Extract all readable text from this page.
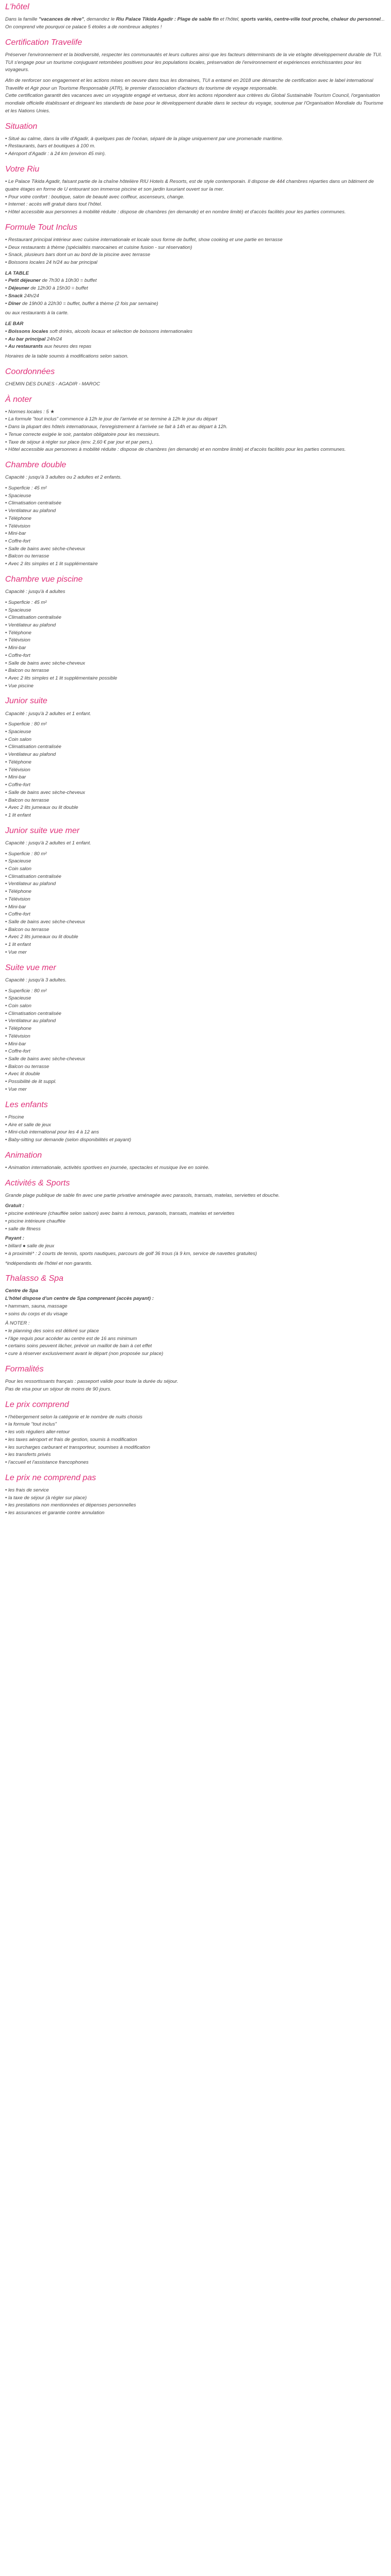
L'hôtel

Dans la famille "vacances de rêve", demandez le Riu Palace Tikida Agadir : Plage de sable fin et l'hôtel, sports variés, centre-ville tout proche, chaleur du personnel... On comprend vite pourquoi ce palace 5 étoiles a de nombreux adeptes !

Certification Travelife

Préserver l'environnement et la biodiversité, respecter les communautés et leurs cultures ainsi que les facteurs déterminants de la vie et/agite développement durable de TUI.
TUI s'engage pour un tourisme conjuguant retombées positives pour les populations locales, préservation de l'environnement et expériences enrichissantes pour les voyageurs.

Afin de renforcer son engagement et les actions mises en oeuvre dans tous les domaines, TUI a entamé en 2018 une démarche de certification avec le label international Travelife et Agir pour un Tourisme Responsable (ATR), le premier d'association d'acteurs du tourisme de voyage responsable.
Cette certification garantit des vacances avec un voyagiste engagé et vertueux, dont les actions répondent aux critères du Global Sustainable Tourism Council, l'organisation mondiale officielle établissant et dirigeant les standards de base pour le développement durable dans le secteur du voyage, soutenue par l'Organisation Mondiale du Tourisme et les Nations Unies.

Situation
• Situé au calme, dans la ville d'Agadir, à quelques pas de l'océan, séparé de la plage uniquement par une promenade maritime.
• Restaurants, bars et boutiques à 100 m.
• Aéroport d'Agadir : à 24 km (environ 45 min).
Votre Riu
• Le Palace Tikida Agadir, faisant partie de la chaîne hôtelière RIU Hotels & Resorts, est de style contemporain. Il dispose de 444 chambres réparties dans un bâtiment de quatre étages en forme de U entourant son immense piscine et son jardin luxuriant ouvert sur la mer.
• Pour votre confort : boutique, salon de beauté avec coiffeur, ascenseurs, change.
• Internet : accès wifi gratuit dans tout l'hôtel.
• Hôtel accessible aux personnes à mobilité réduite : dispose de chambres (en demande) et en nombre limité) et d'accès facilités pour les parties communes.
Formule Tout Inclus
• Restaurant principal intérieur avec cuisine internationale et locale sous forme de buffet, show cooking et une partie en terrasse
• Deux restaurants à thème (spécialités marocaines et cuisine fusion - sur réservation)
• Snack, plusieurs bars dont un au bord de la piscine avec terrasse
• Boissons locales 24 h/24 au bar principal
LA TABLE
• Petit déjeuner de 7h30 à 10h30 = buffet
• Déjeuner de 12h30 à 15h30 = buffet
• Snack 24h/24
• Dîner de 19h00 à 22h30 = buffet, buffet à thème (2 fois par semaine)

ou aux restaurants à la carte.

LE BAR
• Boissons locales soft drinks, alcools locaux et sélection de boissons internationales
• Au bar principal 24h/24
• Au restaurants aux heures des repas

Horaires de la table soumis à modifications selon saison.

Coordonnées

CHEMIN DES DUNES - AGADIR - MAROC

À noter
• Normes locales : 5 ★
• La formule "tout inclus" commence à 12h le jour de l'arrivée et se termine à 12h le jour du départ
• Dans la plupart des hôtels internationaux, l'enregistrement à l'arrivée se fait à 14h et au départ à 12h.
• Tenue correcte exigée le soir, pantalon obligatoire pour les messieurs.
• Taxe de séjour à régler sur place (env. 2,60 € par jour et par pers.).
• Hôtel accessible aux personnes à mobilité réduite : dispose de chambres (en demande) et en nombre limité) et d'accès facilités pour les parties communes.
Chambre double

Capacité : jusqu'à 3 adultes ou 2 adultes et 2 enfants.

• Superficie : 45 m²
• Spacieuse
• Climatisation centralisée
• Ventilateur au plafond
• Téléphone
• Télévision
• Mini-bar
• Coffre-fort
• Salle de bains avec sèche-cheveux
• Balcon ou terrasse
• Avec 2 lits simples et 1 lit supplémentaire
Chambre vue piscine

Capacité : jusqu'à 4 adultes

• Superficie : 45 m²
• Spacieuse
• Climatisation centralisée
• Ventilateur au plafond
• Téléphone
• Télévision
• Mini-bar
• Coffre-fort
• Salle de bains avec sèche-cheveux
• Balcon ou terrasse
• Avec 2 lits simples et 1 lit supplémentaire possible
• Vue piscine
Junior suite

Capacité : jusqu'à 2 adultes et 1 enfant.

• Superficie : 80 m²
• Spacieuse
• Coin salon
• Climatisation centralisée
• Ventilateur au plafond
• Téléphone
• Télévision
• Mini-bar
• Coffre-fort
• Salle de bains avec sèche-cheveux
• Balcon ou terrasse
• Avec 2 lits jumeaux ou lit double
• 1 lit enfant
Junior suite vue mer

Capacité : jusqu'à 2 adultes et 1 enfant.

• Superficie : 80 m²
• Spacieuse
• Coin salon
• Climatisation centralisée
• Ventilateur au plafond
• Téléphone
• Télévision
• Mini-bar
• Coffre-fort
• Salle de bains avec sèche-cheveux
• Balcon ou terrasse
• Avec 2 lits jumeaux ou lit double
• 1 lit enfant
• Vue mer
Suite vue mer

Capacité : jusqu'à 3 adultes.

• Superficie : 80 m²
• Spacieuse
• Coin salon
• Climatisation centralisée
• Ventilateur au plafond
• Téléphone
• Télévision
• Mini-bar
• Coffre-fort
• Salle de bains avec sèche-cheveux
• Balcon ou terrasse
• Avec lit double
• Possibilité de lit suppl.
• Vue mer
Les enfants
• Piscine
• Aire et salle de jeux
• Mini-club international pour les 4 à 12 ans
• Baby-sitting sur demande (selon disponibilités et payant)
Animation
• Animation internationale, activités sportives en journée, spectacles et musique live en soirée.
Activités & Sports

Grande plage publique de sable fin avec une partie privative aménagée avec parasols, transats, matelas, serviettes et douche.

Gratuit :
• piscine extérieure (chauffée selon saison) avec bains à remous, parasols, transats, matelas et serviettes
• piscine intérieure chauffée
• salle de fitness
Payant :
• billard ● salle de jeux
• à proximité* : 2 courts de tennis, sports nautiques, parcours de golf 36 trous (à 9 km, service de navettes gratuites)

*indépendants de l'hôtel et non garantis.

Thalasso & Spa
Centre de Spa
L'hôtel dispose d'un centre de Spa comprenant (accès payant) :
• hammam, sauna, massage
• soins du corps et du visage
À NOTER :
• le planning des soins est délivré sur place
• l'âge requis pour accéder au centre est de 16 ans minimum
• certains soins peuvent lâcher, prévoir un maillot de bain à cet effet
• cure à réserver exclusivement avant le départ (non proposée sur place)
Formalités

Pour les ressortissants français : passeport valide pour toute la durée du séjour.
Pas de visa pour un séjour de moins de 90 jours.

Le prix comprend
• l'hébergement selon la catégorie et le nombre de nuits choisis
• la formule "tout inclus"
• les vols réguliers aller-retour
• les taxes aéroport et frais de gestion, soumis à modification
• les surcharges carburant et transporteur, soumises à modification
• les transferts privés
• l'accueil et l'assistance francophones
Le prix ne comprend pas
• les frais de service
• la taxe de séjour (à régler sur place)
• les prestations non mentionnées et dépenses personnelles
• les assurances et garantie contre annulation
